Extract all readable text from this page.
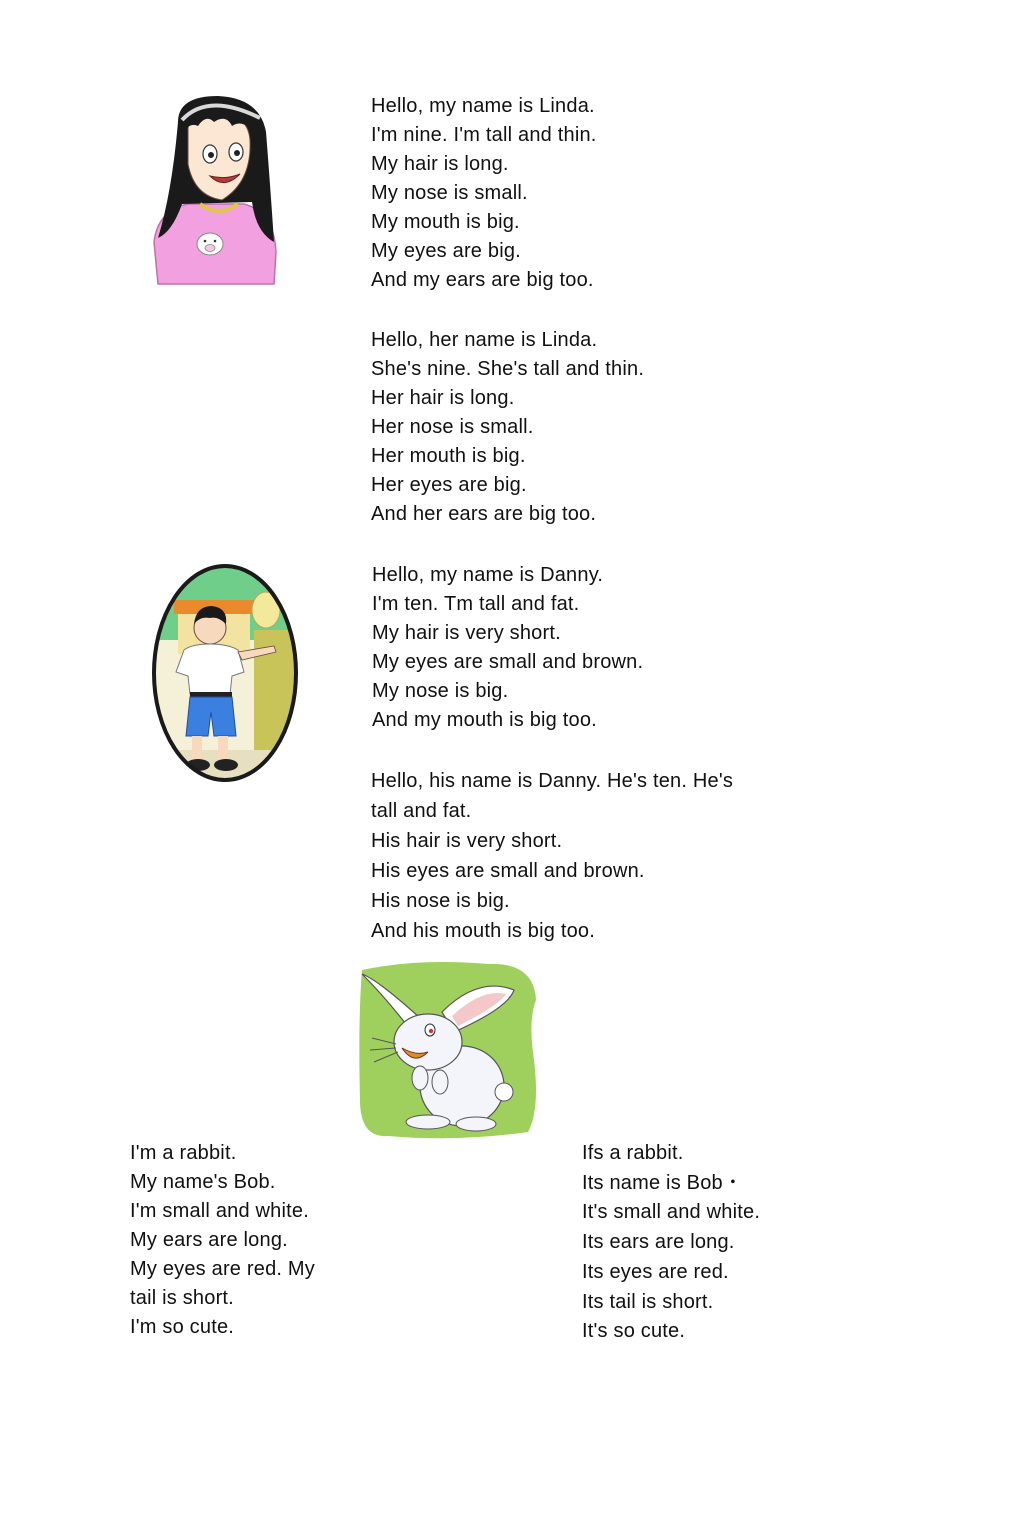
Hello, my name is Linda.
I'm nine. I'm tall and thin.
My hair is long.
My nose is small.
My mouth is big.
My eyes are big.
And my ears are big too.
Hello, her name is Linda.
She's nine. She's tall and thin.
Her hair is long.
Her nose is small.
Her mouth is big.
Her eyes are big.
And her ears are big too.
Hello, my name is Danny.
I'm ten. Tm tall and fat.
My hair is very short.
My eyes are small and brown.
My nose is big.
And my mouth is big too.
Hello, his name is Danny. He's ten. He's
tall and fat.
His hair is very short.
His eyes are small and brown.
His nose is big.
And his mouth is big too.
I'm a rabbit.
My name's Bob.
I'm small and white.
My ears are long.
My eyes are red. My
tail is short.
I'm so cute.
Ifs a rabbit.
Its name is Bob・
It's small and white.
Its ears are long.
Its eyes are red.
Its tail is short.
It's so cute.
